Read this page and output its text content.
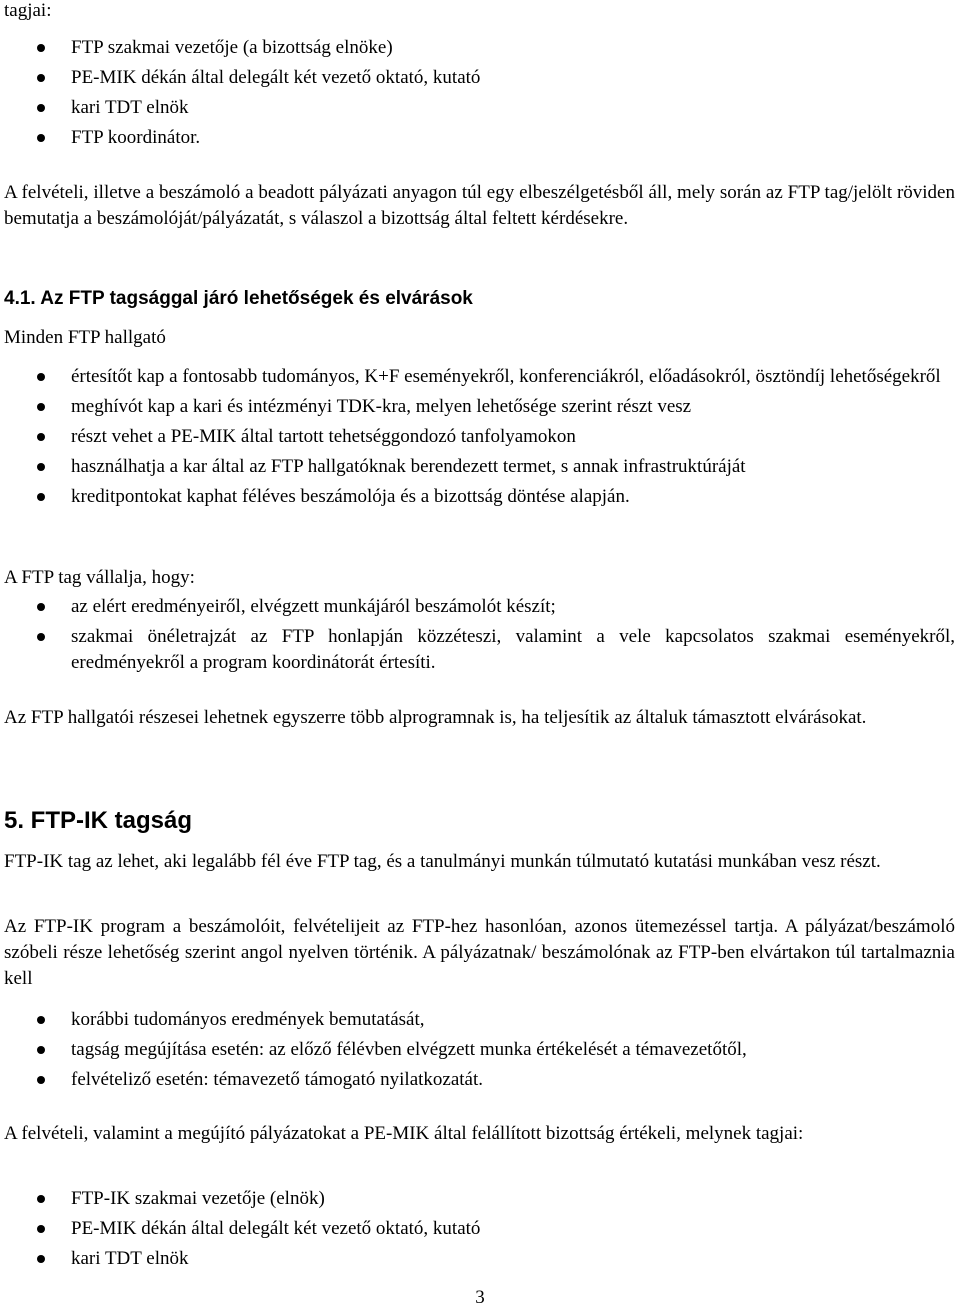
tagjai:

FTP szakmai vezetője (a bizottság elnöke)
PE-MIK dékán által delegált két vezető oktató, kutató
kari TDT elnök
FTP koordinátor.

A felvételi, illetve a beszámoló a beadott pályázati anyagon túl egy elbeszélgetésből áll, mely során az FTP tag/jelölt röviden bemutatja a beszámolóját/pályázatát, s válaszol a bizottság által feltett kérdésekre.

4.1. Az FTP tagsággal járó lehetőségek és elvárások

Minden FTP hallgató

értesítőt kap a fontosabb tudományos, K+F eseményekről, konferenciákról, előadásokról, ösztöndíj lehetőségekről
meghívót kap a kari és intézményi TDK-kra, melyen lehetősége szerint részt vesz
részt vehet a PE-MIK által tartott tehetséggondozó tanfolyamokon
használhatja a kar által az FTP hallgatóknak berendezett termet, s annak infrastruktúráját
kreditpontokat kaphat féléves beszámolója és a bizottság döntése alapján.

A FTP tag vállalja, hogy:

az elért eredményeiről, elvégzett munkájáról beszámolót készít;
szakmai önéletrajzát az FTP honlapján közzéteszi, valamint a vele kapcsolatos szakmai eseményekről, eredményekről a program koordinátorát értesíti.

Az FTP hallgatói részesei lehetnek egyszerre több alprogramnak is, ha teljesítik az általuk támasztott elvárásokat.

5. FTP-IK tagság

FTP-IK tag az lehet, aki legalább fél éve FTP tag, és a tanulmányi munkán túlmutató kutatási munkában vesz részt.

Az FTP-IK program a beszámolóit, felvételijeit az FTP-hez hasonlóan, azonos ütemezéssel tartja. A pályázat/beszámoló szóbeli része lehetőség szerint angol nyelven történik. A pályázatnak/ beszámolónak az FTP-ben elvártakon túl tartalmaznia kell

korábbi tudományos eredmények bemutatását,
tagság megújítása esetén: az előző félévben elvégzett munka értékelését a témavezetőtől,
felvételiző esetén: témavezető támogató nyilatkozatát.

A felvételi, valamint a megújító pályázatokat a PE-MIK által felállított bizottság értékeli, melynek tagjai:

FTP-IK szakmai vezetője (elnök)
PE-MIK dékán által delegált két vezető oktató, kutató
kari TDT elnök
3
